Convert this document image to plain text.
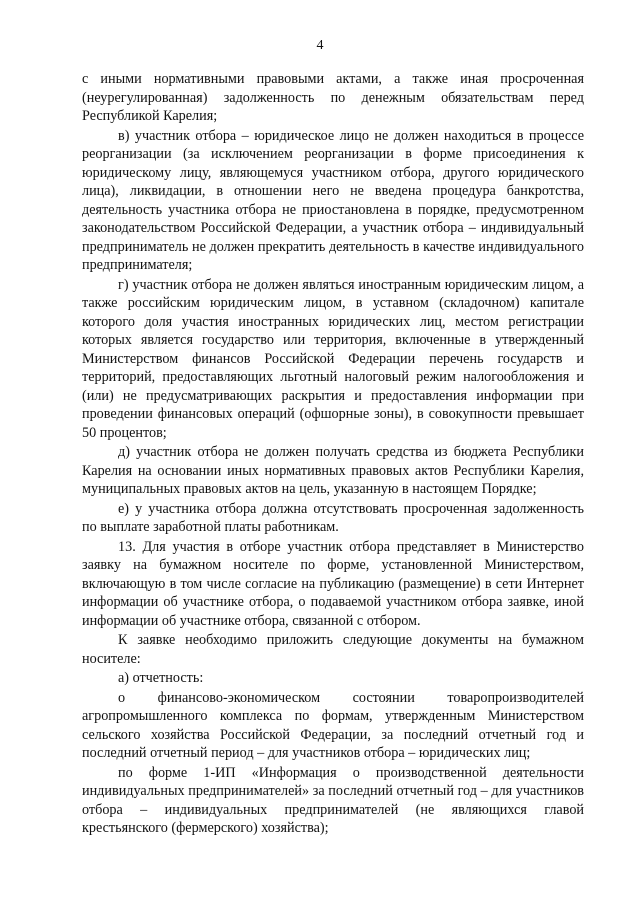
4

с иными нормативными правовыми актами, а также иная просроченная (неурегулированная) задолженность по денежным обязательствам перед Республикой Карелия;

в) участник отбора – юридическое лицо не должен находиться в процессе реорганизации (за исключением реорганизации в форме присоединения к юридическому лицу, являющемуся участником отбора, другого юридического лица), ликвидации, в отношении него не введена процедура банкротства, деятельность участника отбора не приостановлена в порядке, предусмотренном законодательством Российской Федерации, а участник отбора – индивидуальный предприниматель не должен прекратить деятельность в качестве индивидуального предпринимателя;

г) участник отбора не должен являться иностранным юридическим лицом, а также российским юридическим лицом, в уставном (складочном) капитале которого доля участия иностранных юридических лиц, местом регистрации которых является государство или территория, включенные в утвержденный Министерством финансов Российской Федерации перечень государств и территорий, предоставляющих льготный налоговый режим налогообложения и (или) не предусматривающих раскрытия и предоставления информации при проведении финансовых операций (офшорные зоны), в совокупности превышает 50 процентов;

д) участник отбора не должен получать средства из бюджета Республики Карелия на основании иных нормативных правовых актов Республики Карелия, муниципальных правовых актов на цель, указанную в настоящем Порядке;

е) у участника отбора должна отсутствовать просроченная задолженность по выплате заработной платы работникам.

13. Для участия в отборе участник отбора представляет в Министерство заявку на бумажном носителе по форме, установленной Министерством, включающую в том числе согласие на публикацию (размещение) в сети Интернет информации об участнике отбора, о подаваемой участником отбора заявке, иной информации об участнике отбора, связанной с отбором.

К заявке необходимо приложить следующие документы на бумажном носителе:

а) отчетность:

о финансово-экономическом состоянии товаропроизводителей агропромышленного комплекса по формам, утвержденным Министерством сельского хозяйства Российской Федерации, за последний отчетный год и последний отчетный период – для участников отбора – юридических лиц;

по форме 1-ИП «Информация о производственной деятельности индивидуальных предпринимателей» за последний отчетный год – для участников отбора – индивидуальных предпринимателей (не являющихся главой крестьянского (фермерского) хозяйства);
